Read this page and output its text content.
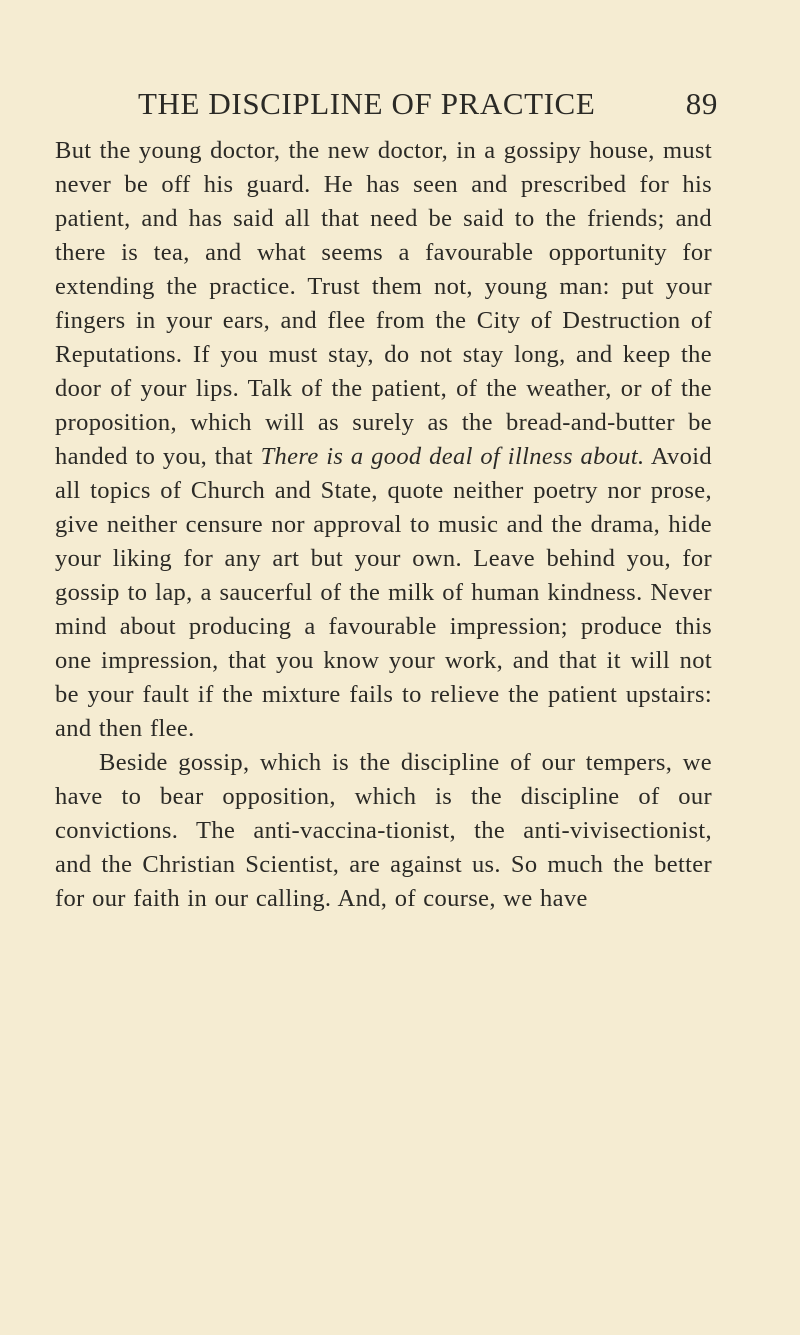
THE DISCIPLINE OF PRACTICE	89

But the young doctor, the new doctor, in a gossipy house, must never be off his guard. He has seen and prescribed for his patient, and has said all that need be said to the friends; and there is tea, and what seems a favourable opportunity for extending the practice. Trust them not, young man: put your fingers in your ears, and flee from the City of Destruction of Reputations. If you must stay, do not stay long, and keep the door of your lips. Talk of the patient, of the weather, or of the proposition, which will as surely as the bread-and-butter be handed to you, that There is a good deal of illness about. Avoid all topics of Church and State, quote neither poetry nor prose, give neither censure nor approval to music and the drama, hide your liking for any art but your own. Leave behind you, for gossip to lap, a saucerful of the milk of human kindness. Never mind about producing a favourable impression; produce this one impression, that you know your work, and that it will not be your fault if the mixture fails to relieve the patient upstairs: and then flee.

Beside gossip, which is the discipline of our tempers, we have to bear opposition, which is the discipline of our convictions. The anti-vaccina-tionist, the anti-vivisectionist, and the Christian Scientist, are against us. So much the better for our faith in our calling. And, of course, we have
